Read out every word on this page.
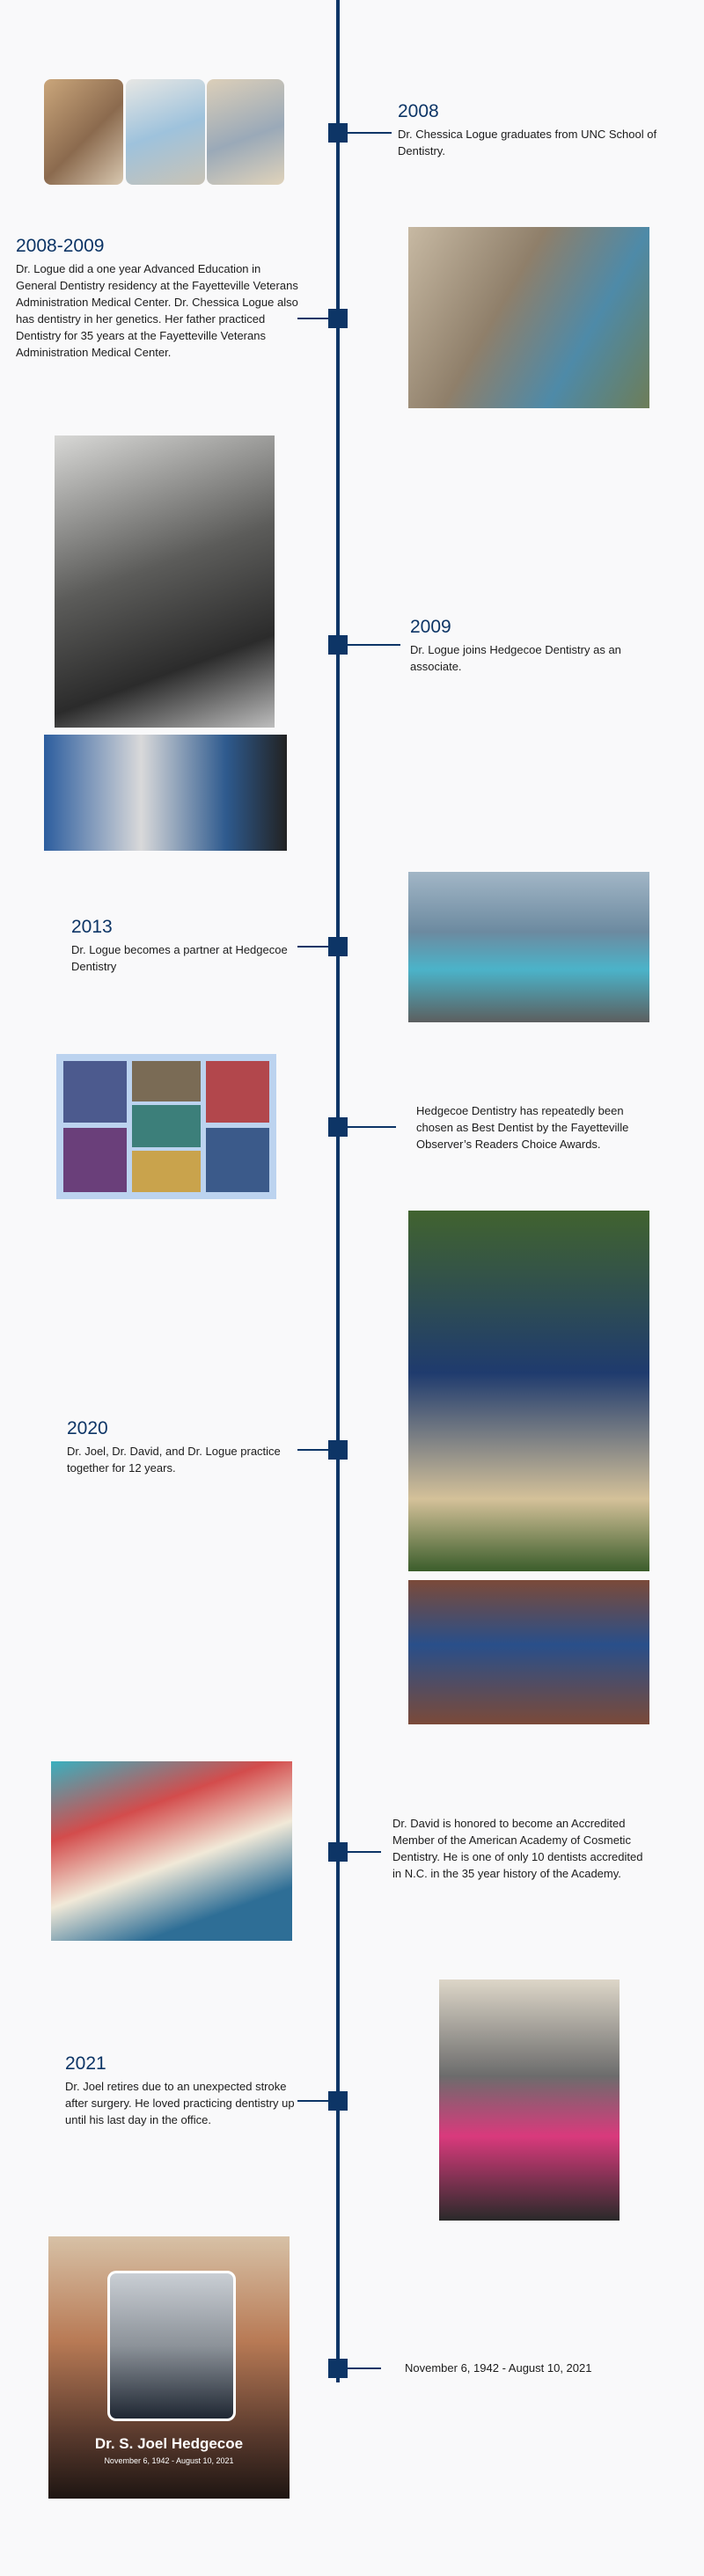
2008
Dr. Chessica Logue graduates from UNC School of Dentistry.
2008-2009
Dr. Logue did a one year Advanced Education in General Dentistry residency at the Fayetteville Veterans Administration Medical Center. Dr. Chessica Logue also has dentistry in her genetics. Her father practiced Dentistry for 35 years at the Fayetteville Veterans Administration Medical Center.
2009
Dr. Logue joins Hedgecoe Dentistry as an associate.
2013
Dr. Logue becomes a partner at Hedgecoe Dentistry
Hedgecoe Dentistry has repeatedly been chosen as Best Dentist by the Fayetteville Observer’s Readers Choice Awards.
2020
Dr. Joel, Dr. David, and Dr. Logue practice together for 12 years.
Dr. David is honored to become an Accredited Member of the American Academy of Cosmetic Dentistry. He is one of only 10 dentists accredited in N.C. in the 35 year history of the Academy.
2021
Dr. Joel retires due to an unexpected stroke after surgery. He loved practicing dentistry up until his last day in the office.
Dr. S. Joel Hedgecoe
November 6, 1942 - August 10, 2021
November 6, 1942 - August 10, 2021
